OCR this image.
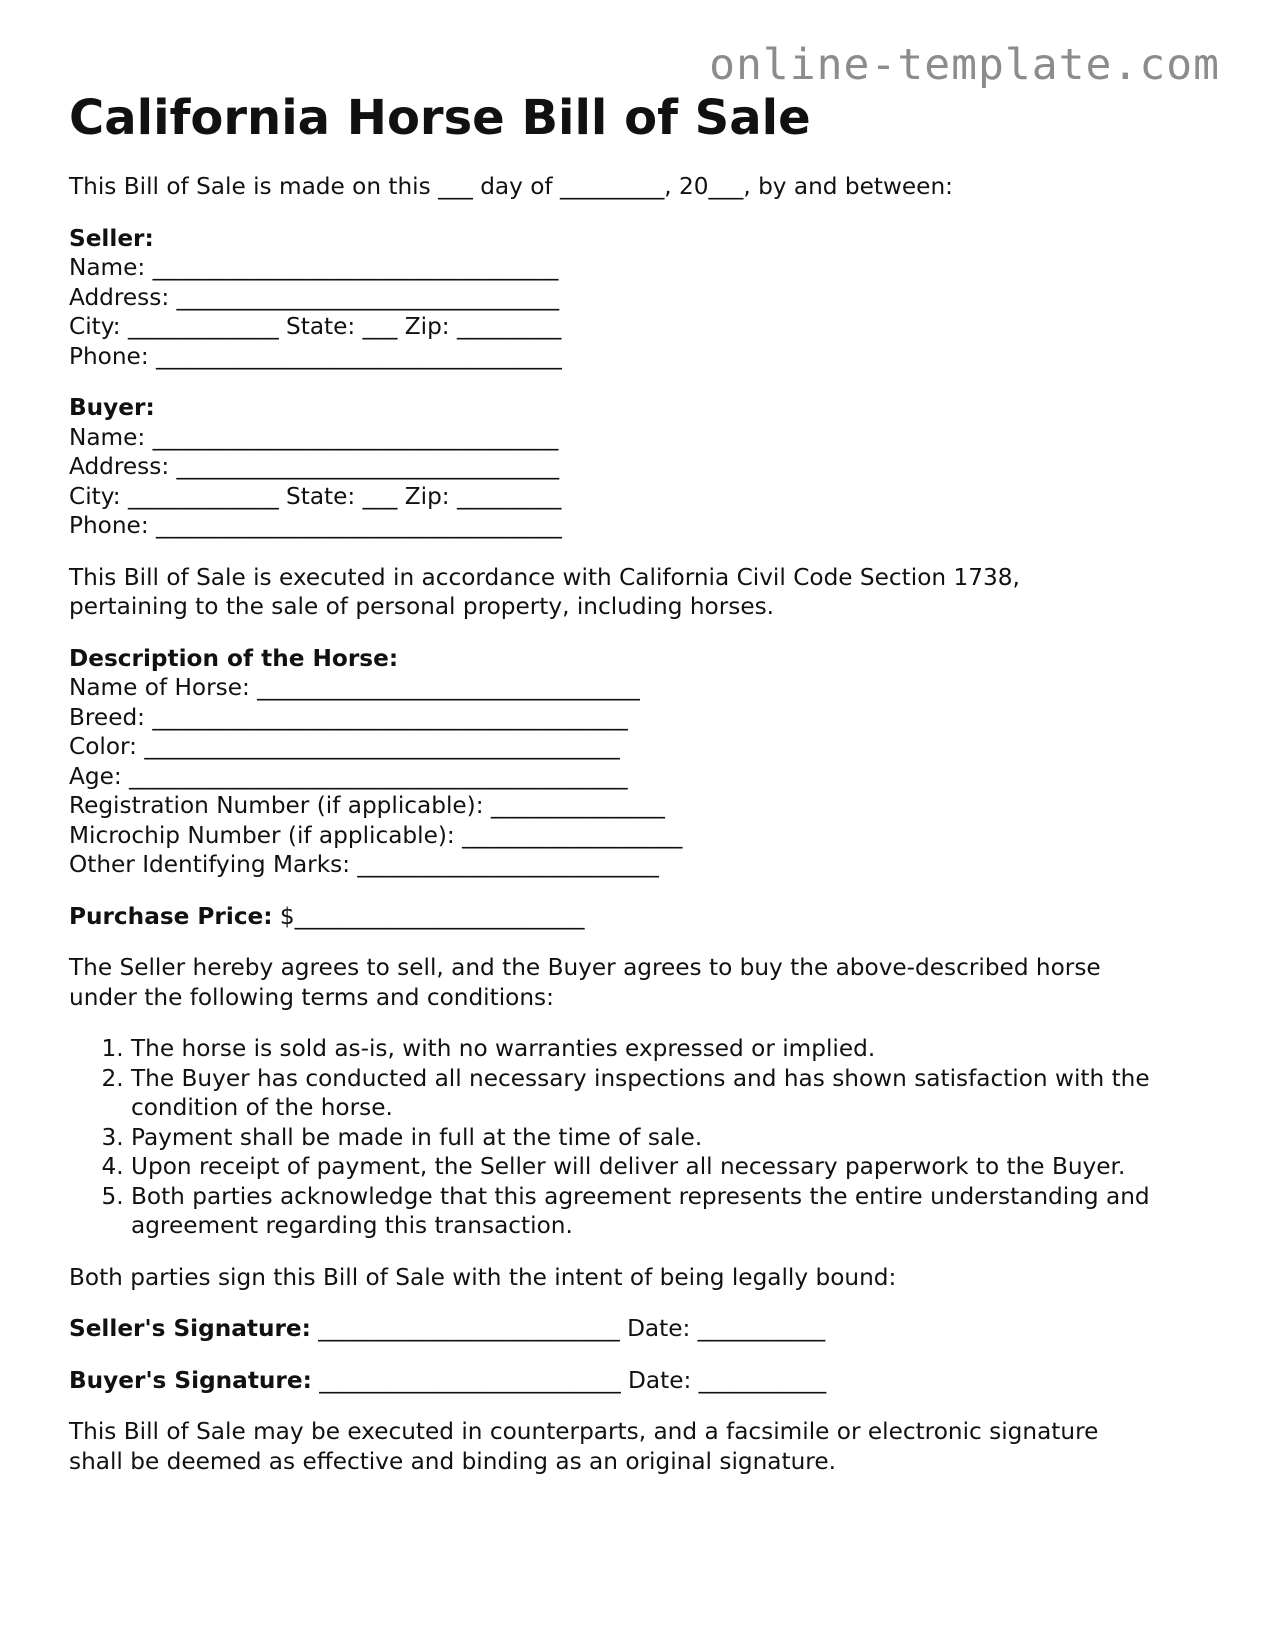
online-template.com
California Horse Bill of Sale

This Bill of Sale is made on this ___ day of _________, 20___, by and between:

Seller:

Name: ___________________________________

Address: _________________________________

City: _____________ State: ___ Zip: _________

Phone: ___________________________________

Buyer:

Name: ___________________________________

Address: _________________________________

City: _____________ State: ___ Zip: _________

Phone: ___________________________________

This Bill of Sale is executed in accordance with California Civil Code Section 1738,

pertaining to the sale of personal property, including horses.

Description of the Horse:

Name of Horse: _________________________________

Breed: _________________________________________

Color: _________________________________________

Age: ___________________________________________

Registration Number (if applicable): _______________

Microchip Number (if applicable): ___________________

Other Identifying Marks: __________________________

Purchase Price: $_________________________

The Seller hereby agrees to sell, and the Buyer agrees to buy the above-described horse

under the following terms and conditions:

1. The horse is sold as-is, with no warranties expressed or implied.
2. The Buyer has conducted all necessary inspections and has shown satisfaction with the condition of the horse.
3. Payment shall be made in full at the time of sale.
4. Upon receipt of payment, the Seller will deliver all necessary paperwork to the Buyer.
5. Both parties acknowledge that this agreement represents the entire understanding and agreement regarding this transaction.

Both parties sign this Bill of Sale with the intent of being legally bound:

Seller's Signature: __________________________ Date: ___________

Buyer's Signature: __________________________ Date: ___________

This Bill of Sale may be executed in counterparts, and a facsimile or electronic signature

shall be deemed as effective and binding as an original signature.
